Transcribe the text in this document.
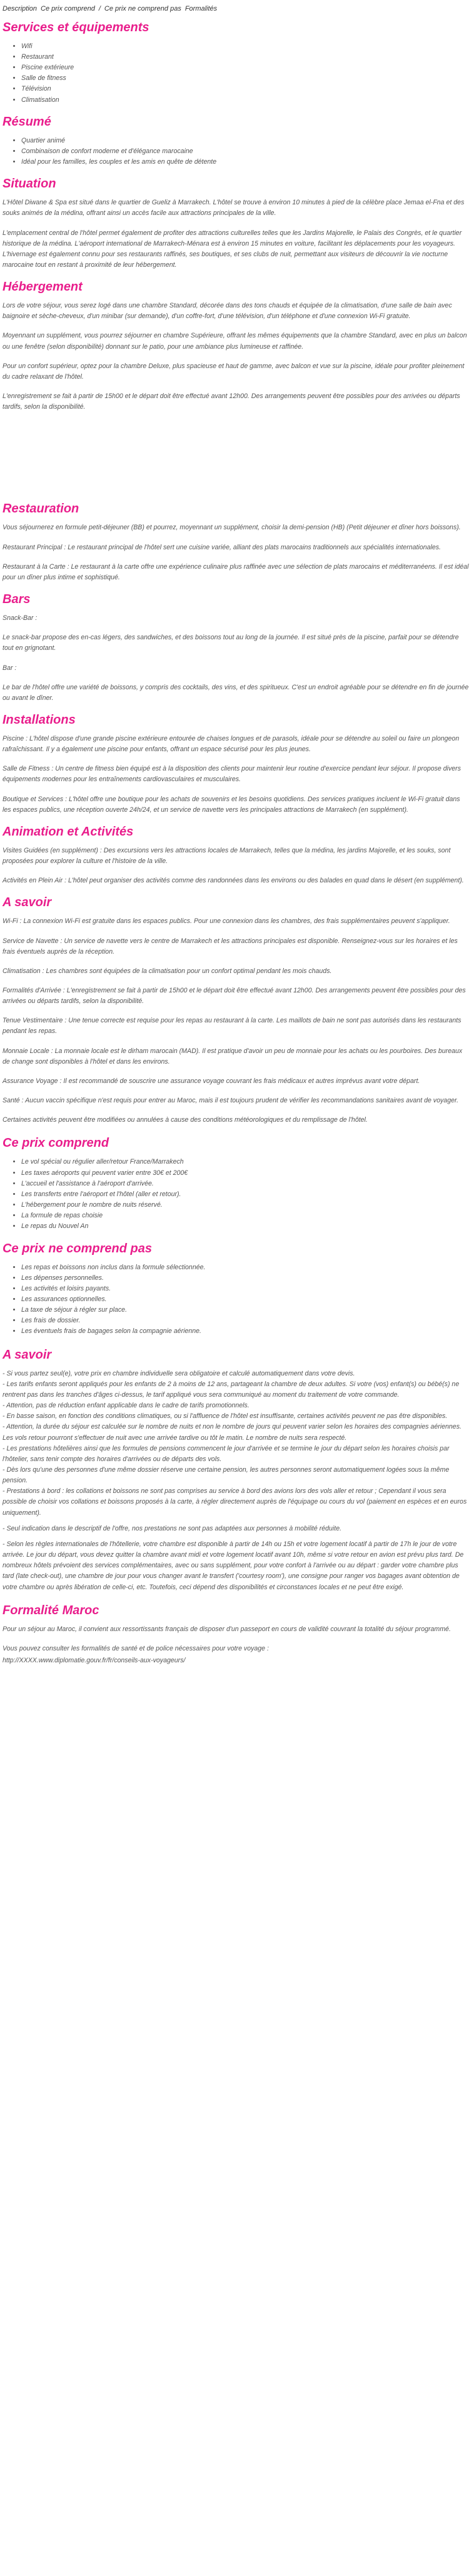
Description Ce prix comprend / Ce prix ne comprend pas Formalités
Services et équipements
• Wifi
• Restaurant
• Piscine extérieure
• Salle de fitness
• Télévision
• Climatisation
Résumé
• Quartier animé
• Combinaison de confort moderne et d'élégance marocaine
• Idéal pour les familles, les couples et les amis en quête de détente
Situation

L'Hôtel Diwane & Spa est situé dans le quartier de Gueliz à Marrakech. L'hôtel se trouve à environ 10 minutes à pied de la célèbre place Jemaa el-Fna et des souks animés de la médina, offrant ainsi un accès facile aux attractions principales de la ville.

L'emplacement central de l'hôtel permet également de profiter des attractions culturelles telles que les Jardins Majorelle, le Palais des Congrès, et le quartier historique de la médina. L'aéroport international de Marrakech-Ménara est à environ 15 minutes en voiture, facilitant les déplacements pour les voyageurs. L'hivernage est également connu pour ses restaurants raffinés, ses boutiques, et ses clubs de nuit, permettant aux visiteurs de découvrir la vie nocturne marocaine tout en restant à proximité de leur hébergement.

Hébergement

Lors de votre séjour, vous serez logé dans une chambre Standard, décorée dans des tons chauds et équipée de la climatisation, d'une salle de bain avec baignoire et sèche-cheveux, d'un minibar (sur demande), d'un coffre-fort, d'une télévision, d'un téléphone et d'une connexion Wi-Fi gratuite.

Moyennant un supplément, vous pourrez séjourner en chambre Supérieure, offrant les mêmes équipements que la chambre Standard, avec en plus un balcon ou une fenêtre (selon disponibilité) donnant sur le patio, pour une ambiance plus lumineuse et raffinée.

Pour un confort supérieur, optez pour la chambre Deluxe, plus spacieuse et haut de gamme, avec balcon et vue sur la piscine, idéale pour profiter pleinement du cadre relaxant de l'hôtel.

L'enregistrement se fait à partir de 15h00 et le départ doit être effectué avant 12h00. Des arrangements peuvent être possibles pour des arrivées ou départs tardifs, selon la disponibilité.

Restauration

Vous séjournerez en formule petit-déjeuner (BB) et pourrez, moyennant un supplément, choisir la demi-pension (HB) (Petit déjeuner et dîner hors boissons).

Restaurant Principal : Le restaurant principal de l'hôtel sert une cuisine variée, alliant des plats marocains traditionnels aux spécialités internationales.

Restaurant à la Carte : Le restaurant à la carte offre une expérience culinaire plus raffinée avec une sélection de plats marocains et méditerranéens. Il est idéal pour un dîner plus intime et sophistiqué.

Bars

Snack-Bar :

Le snack-bar propose des en-cas légers, des sandwiches, et des boissons tout au long de la journée. Il est situé près de la piscine, parfait pour se détendre tout en grignotant.

Bar :

Le bar de l'hôtel offre une variété de boissons, y compris des cocktails, des vins, et des spiritueux. C'est un endroit agréable pour se détendre en fin de journée ou avant le dîner.

Installations

Piscine : L'hôtel dispose d'une grande piscine extérieure entourée de chaises longues et de parasols, idéale pour se détendre au soleil ou faire un plongeon rafraîchissant. Il y a également une piscine pour enfants, offrant un espace sécurisé pour les plus jeunes.

Salle de Fitness : Un centre de fitness bien équipé est à la disposition des clients pour maintenir leur routine d'exercice pendant leur séjour. Il propose divers équipements modernes pour les entraînements cardiovasculaires et musculaires.

Boutique et Services : L'hôtel offre une boutique pour les achats de souvenirs et les besoins quotidiens. Des services pratiques incluent le Wi-Fi gratuit dans les espaces publics, une réception ouverte 24h/24, et un service de navette vers les principales attractions de Marrakech (en supplément).

Animation et Activités

Visites Guidées (en supplément) : Des excursions vers les attractions locales de Marrakech, telles que la médina, les jardins Majorelle, et les souks, sont proposées pour explorer la culture et l'histoire de la ville.

Activités en Plein Air : L'hôtel peut organiser des activités comme des randonnées dans les environs ou des balades en quad dans le désert (en supplément).

A savoir

Wi-Fi : La connexion Wi-Fi est gratuite dans les espaces publics. Pour une connexion dans les chambres, des frais supplémentaires peuvent s'appliquer.

Service de Navette : Un service de navette vers le centre de Marrakech et les attractions principales est disponible. Renseignez-vous sur les horaires et les frais éventuels auprès de la réception.

Climatisation : Les chambres sont équipées de la climatisation pour un confort optimal pendant les mois chauds.

Formalités d'Arrivée : L'enregistrement se fait à partir de 15h00 et le départ doit être effectué avant 12h00. Des arrangements peuvent être possibles pour des arrivées ou départs tardifs, selon la disponibilité.

Tenue Vestimentaire : Une tenue correcte est requise pour les repas au restaurant à la carte. Les maillots de bain ne sont pas autorisés dans les restaurants pendant les repas.

Monnaie Locale : La monnaie locale est le dirham marocain (MAD). Il est pratique d'avoir un peu de monnaie pour les achats ou les pourboires. Des bureaux de change sont disponibles à l'hôtel et dans les environs.

Assurance Voyage : Il est recommandé de souscrire une assurance voyage couvrant les frais médicaux et autres imprévus avant votre départ.

Santé : Aucun vaccin spécifique n'est requis pour entrer au Maroc, mais il est toujours prudent de vérifier les recommandations sanitaires avant de voyager.

Certaines activités peuvent être modifiées ou annulées à cause des conditions météorologiques et du remplissage de l'hôtel.

Ce prix comprend
• Le vol spécial ou régulier aller/retour France/Marrakech
• Les taxes aéroports qui peuvent varier entre 30€ et 200€
• L'accueil et l'assistance à l'aéroport d'arrivée.
• Les transferts entre l'aéroport et l'hôtel (aller et retour).
• L'hébergement pour le nombre de nuits réservé.
• La formule de repas choisie
• Le repas du Nouvel An
Ce prix ne comprend pas
• Les repas et boissons non inclus dans la formule sélectionnée.
• Les dépenses personnelles.
• Les activités et loisirs payants.
• Les assurances optionnelles.
• La taxe de séjour à régler sur place.
• Les frais de dossier.
• Les éventuels frais de bagages selon la compagnie aérienne.
A savoir

- Si vous partez seul(e), votre prix en chambre individuelle sera obligatoire et calculé automatiquement dans votre devis.

- Les tarifs enfants seront appliqués pour les enfants de 2 à moins de 12 ans, partageant la chambre de deux adultes. Si votre (vos) enfant(s) ou bébé(s) ne rentrent pas dans les tranches d'âges ci-dessus, le tarif appliqué vous sera communiqué au moment du traitement de votre commande.

- Attention, pas de réduction enfant applicable dans le cadre de tarifs promotionnels.

- En basse saison, en fonction des conditions climatiques, ou si l'affluence de l'hôtel est insuffisante, certaines activités peuvent ne pas être disponibles.

- Attention, la durée du séjour est calculée sur le nombre de nuits et non le nombre de jours qui peuvent varier selon les horaires des compagnies aériennes. Les vols retour pourront s'effectuer de nuit avec une arrivée tardive ou tôt le matin. Le nombre de nuits sera respecté.

- Les prestations hôtelières ainsi que les formules de pensions commencent le jour d'arrivée et se termine le jour du départ selon les horaires choisis par l'hôtelier, sans tenir compte des horaires d'arrivées ou de départs des vols.

- Dès lors qu'une des personnes d'une même dossier réserve une certaine pension, les autres personnes seront automatiquement logées sous la même pension.

- Prestations à bord : les collations et boissons ne sont pas comprises au service à bord des avions lors des vols aller et retour ; Cependant il vous sera possible de choisir vos collations et boissons proposés à la carte, à régler directement auprès de l'équipage ou cours du vol (paiement en espèces et en euros uniquement).

- Seul indication dans le descriptif de l'offre, nos prestations ne sont pas adaptées aux personnes à mobilité réduite.

- Selon les règles internationales de l'hôtellerie, votre chambre est disponible à partir de 14h ou 15h et votre logement locatif à partir de 17h le jour de votre arrivée. Le jour du départ, vous devez quitter la chambre avant midi et votre logement locatif avant 10h, même si votre retour en avion est prévu plus tard. De nombreux hôtels prévoient des services complémentaires, avec ou sans supplément, pour votre confort à l'arrivée ou au départ : garder votre chambre plus tard (late check-out), une chambre de jour pour vous changer avant le transfert ('courtesy room'), une consigne pour ranger vos bagages avant obtention de votre chambre ou après libération de celle-ci, etc. Toutefois, ceci dépend des disponibilités et circonstances locales et ne peut être exigé.

Formalité Maroc

Pour un séjour au Maroc, il convient aux ressortissants français de disposer d'un passeport en cours de validité couvrant la totalité du séjour programmé.

Vous pouvez consulter les formalités de santé et de police nécessaires pour votre voyage :

http://XXXX.www.diplomatie.gouv.fr/fr/conseils-aux-voyageurs/
